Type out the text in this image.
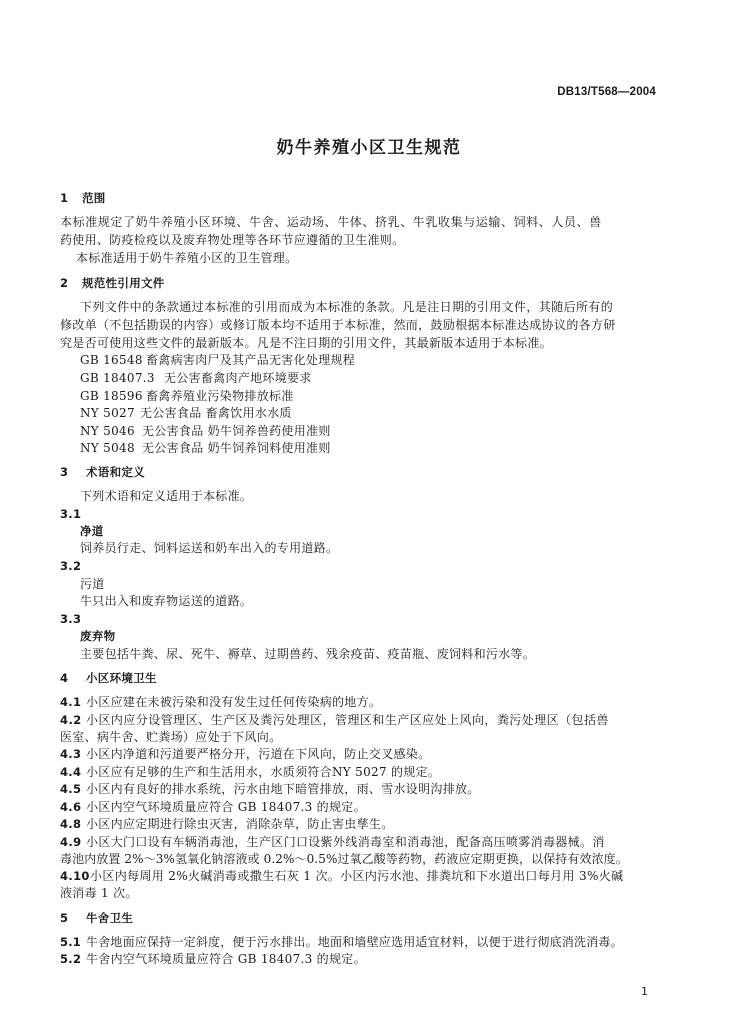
DB13/T568—2004
奶牛养殖小区卫生规范
1 范围
本标准规定了奶牛养殖小区环境、牛舍、运动场、牛体、挤乳、牛乳收集与运输、饲料、人员、兽
药使用、防疫检疫以及废弃物处理等各环节应遵循的卫生准则。
本标准适用于奶牛养殖小区的卫生管理。
2 规范性引用文件
下列文件中的条款通过本标准的引用而成为本标准的条款。凡是注日期的引用文件，其随后所有的
修改单（不包括勘误的内容）或修订版本均不适用于本标准，然而，鼓励根据本标准达成协议的各方研
究是否可使用这些文件的最新版本。凡是不注日期的引用文件，其最新版本适用于本标准。
GB 16548 畜禽病害肉尸及其产品无害化处理规程
GB 18407.3 无公害畜禽肉产地环境要求
GB 18596 畜禽养殖业污染物排放标准
NY 5027 无公害食品 畜禽饮用水水质
NY 5046 无公害食品 奶牛饲养兽药使用准则
NY 5048 无公害食品 奶牛饲养饲料使用准则
3 术语和定义
下列术语和定义适用于本标准。
3.1
净道
饲养员行走、饲料运送和奶车出入的专用道路。
3.2
污道
牛只出入和废弃物运送的道路。
3.3
废弃物
主要包括牛粪、尿、死牛、褥草、过期兽药、残余疫苗、疫苗瓶、废饲料和污水等。
4 小区环境卫生
4.1 小区应建在未被污染和没有发生过任何传染病的地方。
4.2 小区内应分设管理区、生产区及粪污处理区，管理区和生产区应处上风向，粪污处理区（包括兽
医室、病牛舍、贮粪场）应处于下风向。
4.3 小区内净道和污道要严格分开，污道在下风向，防止交叉感染。
4.4 小区应有足够的生产和生活用水，水质须符合NY 5027 的规定。
4.5 小区内有良好的排水系统，污水由地下暗管排放，雨、雪水设明沟排放。
4.6 小区内空气环境质量应符合 GB 18407.3 的规定。
4.8 小区内应定期进行除虫灭害，消除杂草，防止害虫孳生。
4.9 小区大门口设有车辆消毒池，生产区门口设紫外线消毒室和消毒池，配备高压喷雾消毒器械。消
毒池内放置 2%～3%氢氧化钠溶液或 0.2%～0.5%过氧乙酸等药物，药液应定期更换，以保持有效浓度。
4.10小区内每周用 2%火碱消毒或撒生石灰 1 次。小区内污水池、排粪坑和下水道出口每月用 3%火碱
液消毒 1 次。
5 牛舍卫生
5.1 牛舍地面应保持一定斜度，便于污水排出。地面和墙壁应选用适宜材料，以便于进行彻底消洗消毒。
5.2 牛舍内空气环境质量应符合 GB 18407.3 的规定。
1
